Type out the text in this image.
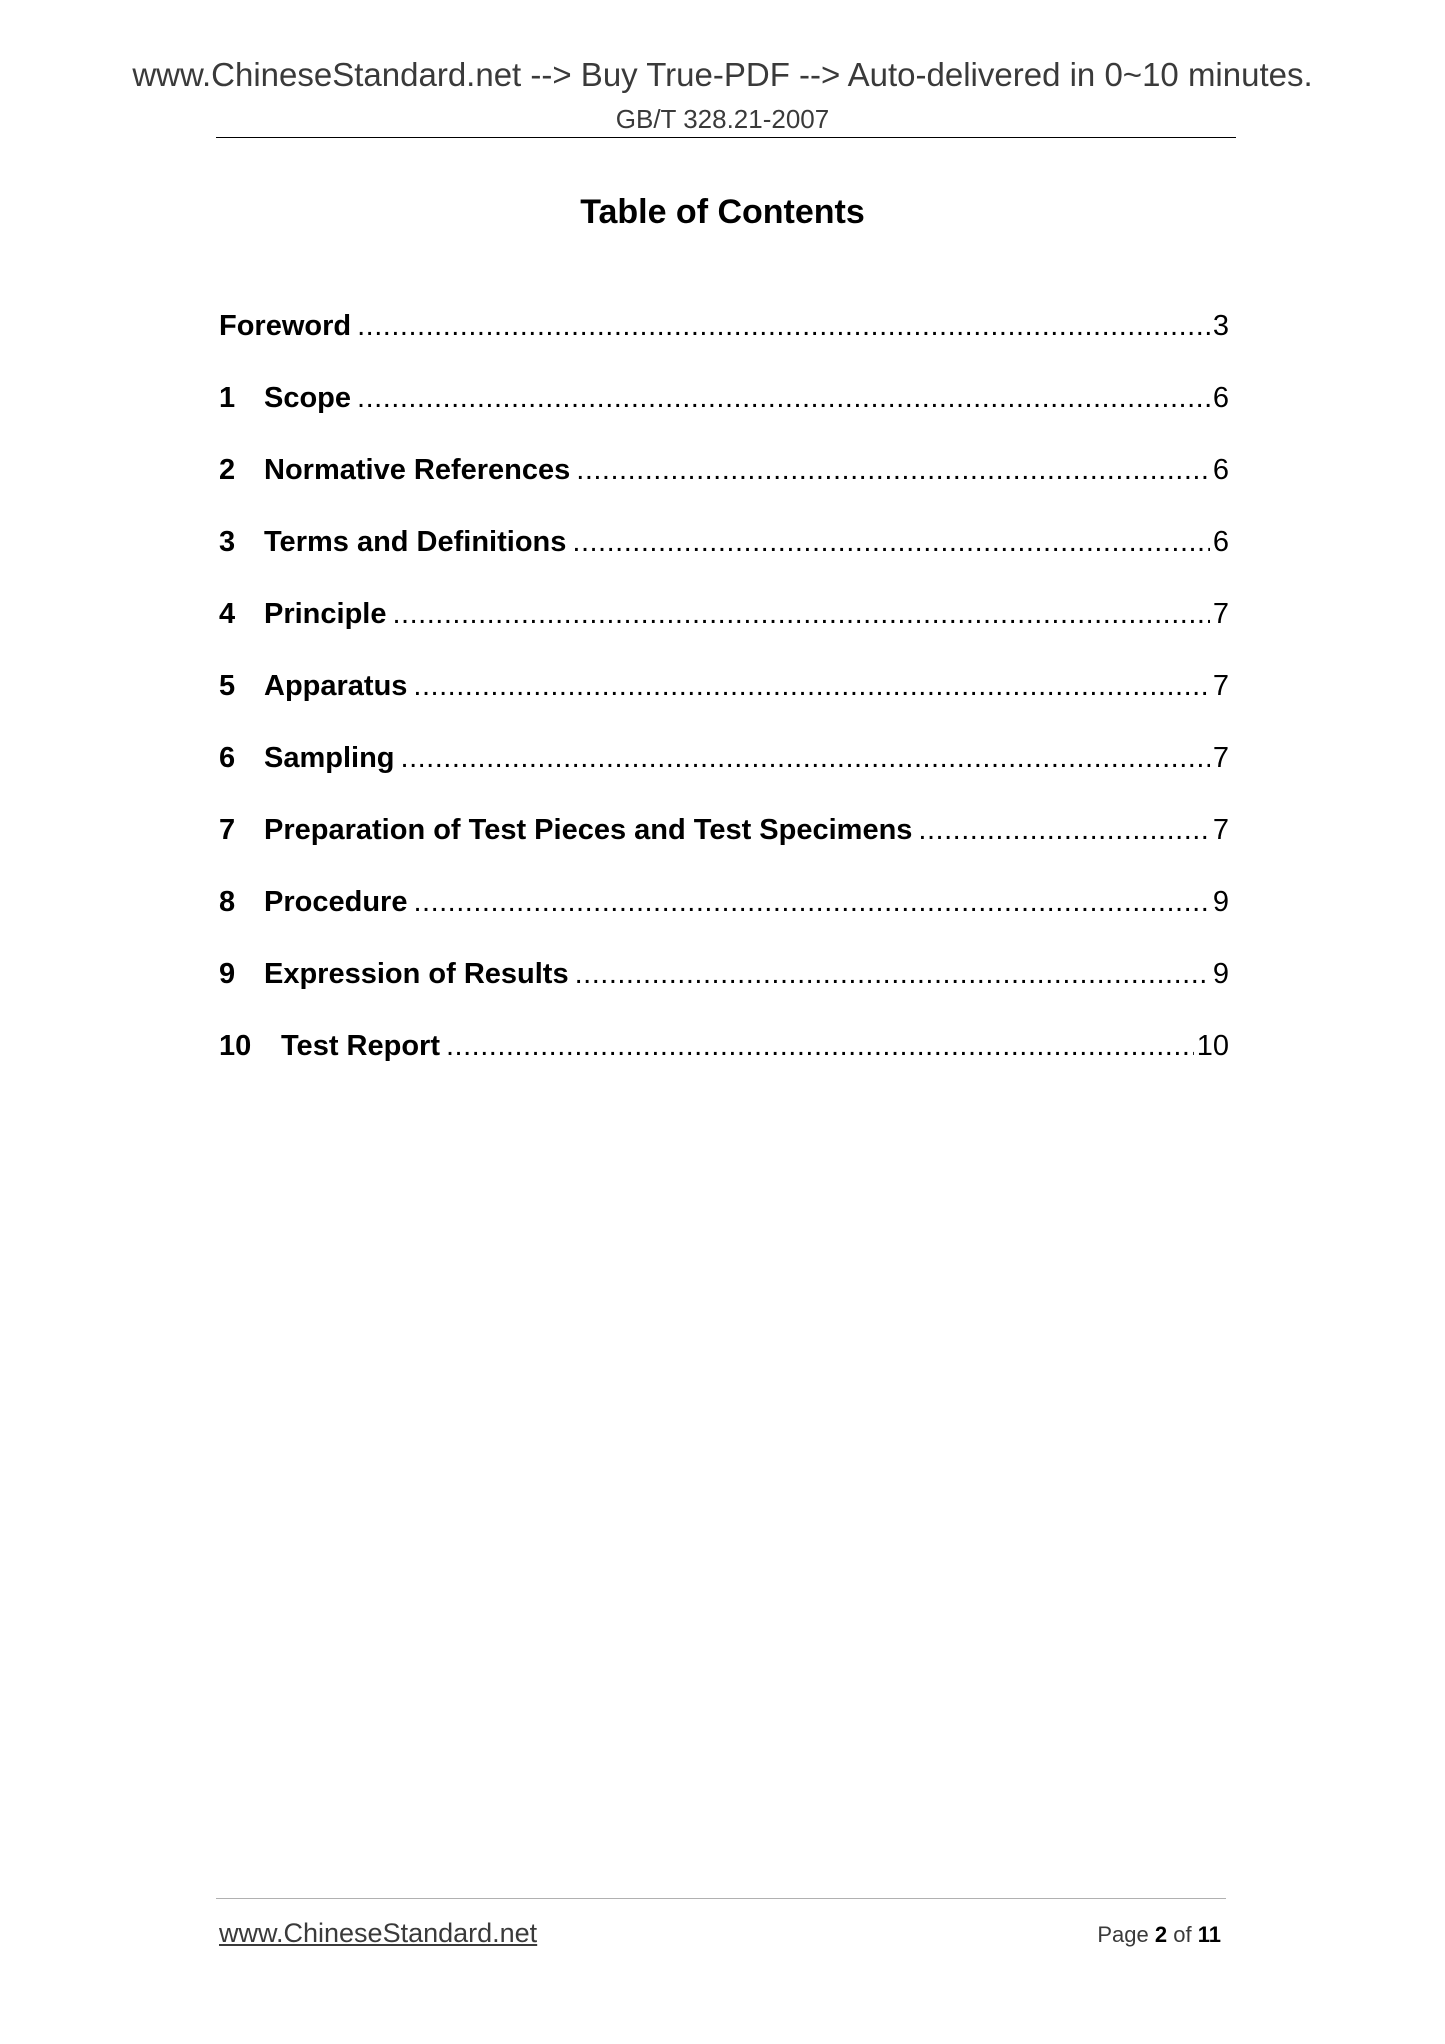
www.ChineseStandard.net --> Buy True-PDF --> Auto-delivered in 0~10 minutes.
GB/T 328.21-2007
Table of Contents
Foreword .....	3
1 Scope .....	6
2 Normative References .....	6
3 Terms and Definitions .....	6
4 Principle .....	7
5 Apparatus .....	7
6 Sampling .....	7
7 Preparation of Test Pieces and Test Specimens .....	7
8 Procedure .....	9
9 Expression of Results .....	9
10	Test Report .....	10
www.ChineseStandard.net	Page 2 of 11
